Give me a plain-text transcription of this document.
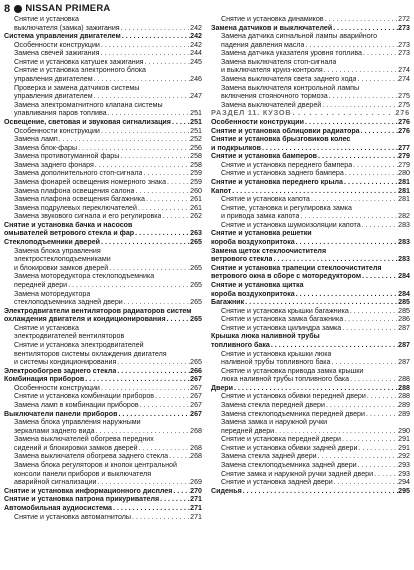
8 NISSAN PRIMERA
Снятие и установка
выключателя (замка) зажигания . . .	242
Система управления двигателем . . .	242
Особенности конструкции . . .	242
Замена свечей зажигания . . .	244
Снятие и установка катушек зажигания . . .	245
Снятие и установка электронного блока
управления двигателем . . .	246
Проверка и замена датчиков системы
управления двигателем . . .	247
Замена электромагнитного клапана системы
улавливания паров топлива . . .	251
Освещение, световая и звуковая сигнализация . . .	251
Особенности конструкции . . .	251
Замена ламп . . .	252
Замена блок-фары . . .	256
Замена противотуманной фары . . .	258
Замена заднего фонаря . . .	258
Замена дополнительного стоп-сигнала . . .	259
Замена фонарей освещения номерного знака . . .	259
Замена плафона освещения салона . . .	260
Замена плафона освещения багажника . . .	261
Замена подрулевых переключателей . . .	261
Замена звукового сигнала и его регулировка . . .	262
Снятие и установка бачка и насосов
омывателей ветрового стекла и фар . . .	263
Стеклоподъемники дверей . . .	265
Замена блока управления
электростеклоподъемниками
и блокировки замков дверей . . .	265
Замена моторедуктора стеклоподъемника
передней двери . . .	265
Замена моторедуктора
стеклоподъемника задней двери . . .	265
Электродвигатели вентиляторов радиаторов систем
охлаждения двигателя и кондиционирования . . .	265
Снятие и установка
электродвигателей вентиляторов
Снятие и установка электродвигателей
вентиляторов системы охлаждения двигателя
и системы кондиционирования . . .	265
Электрообогрев заднего стекла . . .	266
Комбинация приборов . . .	267
Особенности конструкции . . .	267
Снятие и установка комбинации приборов . . .	267
Замена ламп в комбинации приборов . . .	267
Выключатели панели приборов . . .	267
Замена блока управления наружными
зеркалами заднего вида . . .	268
Замена выключателей обогрева передних
сидений и блокировки замков дверей . . .	268
Замена выключателя обогрева заднего стекла . . .	268
Замена блока регуляторов и кнопок центральной
консоли панели приборов и выключателя
аварийной сигнализации . . .	269
Снятие и установка информационного дисплея . . .	270
Снятие и установка патрона прикуривателя . . .	271
Автомобильная аудиосистема . . .	271
Снятие и установка автомагнитолы . . .	271
Снятие и установка динамиков . . .	272
Замена датчиков и выключателей . . .	273
Замена датчика сигнальной лампы аварийного
падения давления масла . . .	273
Замена датчика указателя уровня топлива . . .	273
Замена выключателя стоп-сигнала
и выключателя круиз-контроля . . .	274
Замена выключателя света заднего хода . . .	274
Замена выключателя контрольной лампы
включения стояночного тормоза . . .	275
Замена выключателей дверей . . .	275
РАЗДЕЛ 11. КУЗОВ . . .	276
Особенности конструкции . . .	276
Снятие и установка облицовки радиатора . . .	276
Снятие и установка брызговиков колес
и подкрылков . . .	277
Снятие и установка бамперов . . .	279
Снятие и установка переднего бампера . . .	279
Снятие и установка заднего бампера . . .	280
Снятие и установка переднего крыла . . .	281
Капот . . .	281
Снятие и установка капота . . .	281
Снятие, установка и регулировка замка
и привода замка капота . . .	282
Снятие и установка шумоизоляции капота . . .	283
Снятие и установка решетки
короба воздухопритока . . .	283
Замена щеток стеклоочистителя
ветрового стекла . . .	283
Снятие и установка трапеции стеклоочистителя
ветрового окна в сборе с моторедуктором . . .	284
Снятие и установка щитка
короба воздухопритока . . .	284
Багажник . . .	285
Снятие и установка крышки багажника . . .	285
Снятие и установка замка багажника . . .	286
Снятие и установка цилиндра замка . . .	287
Крышка люка наливной трубы
топливного бака . . .	287
Снятие и установка крышки люка
наливной трубы топливного бака . . .	287
Снятие и установка привода замка крышки
люка наливной трубы топливного бака . . .	288
Двери . . .	288
Снятие и установка обивки передней двери . . .	288
Замена стекла передней двери . . .	289
Замена стеклоподъемника передней двери . . .	289
Замена замка и наружной ручки
передней двери . . .	290
Снятие и установка передней двери . . .	291
Снятие и установка обивки задней двери . . .	291
Замена стекла задней двери . . .	292
Замена стеклоподъемника задней двери . . .	293
Снятие замка и наружной ручки задней двери . . .	293
Снятие и установка задней двери . . .	294
Сиденья . . .	295
